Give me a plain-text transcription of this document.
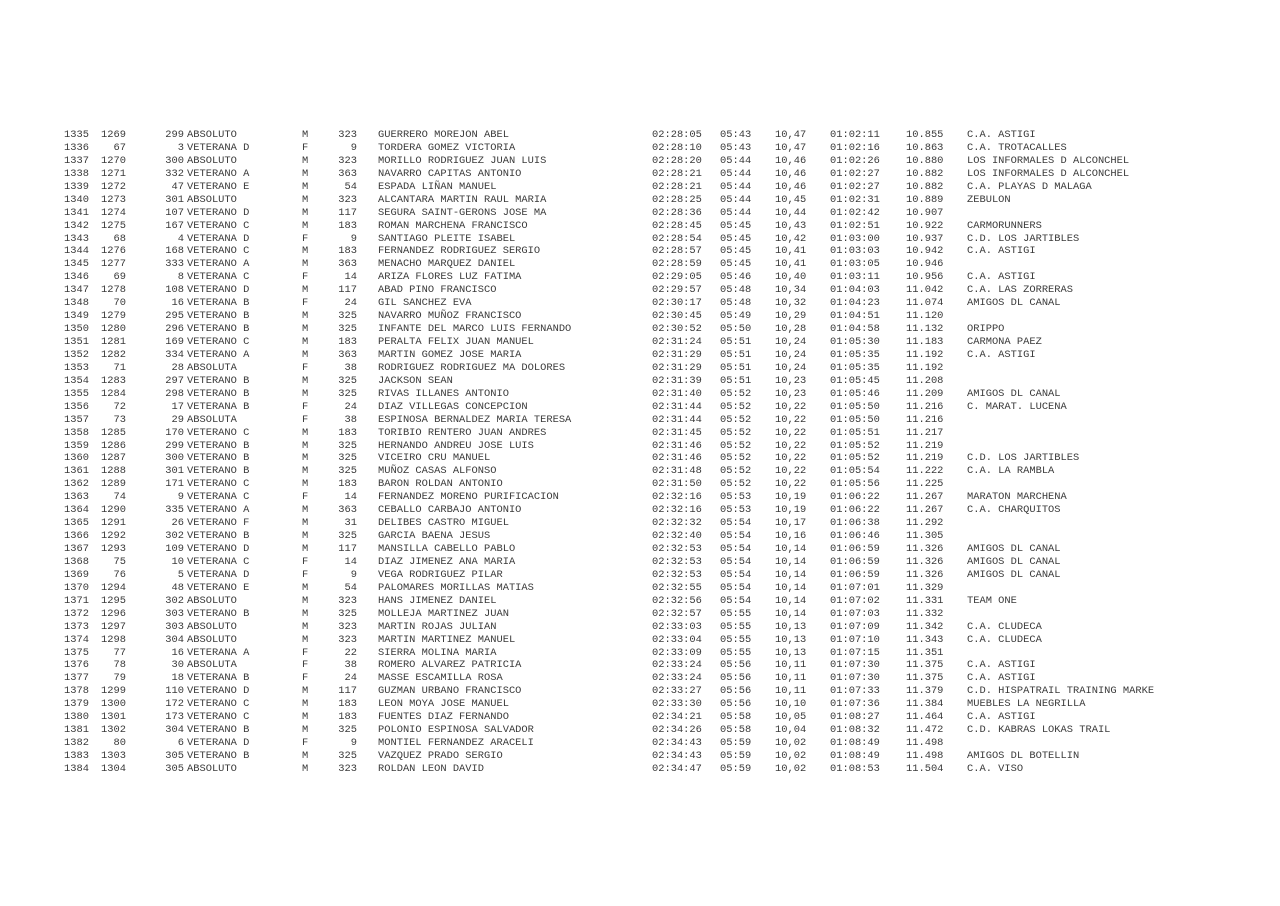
1335 1269	299 ABSOLUTO	M	323 GUERRERO MOREJON ABEL	02:28:05 05:43 10,47 01:02:11	10.855 C.A. ASTIGI
1336 67	3 VETERANA D	F	9 TORDERA GOMEZ VICTORIA	02:28:10 05:43 10,47 01:02:16	10.863 C.A. TROTACALLES
1337 1270	300 ABSOLUTO	M	323 MORILLO RODRIGUEZ JUAN LUIS	02:28:20 05:44 10,46 01:02:26	10.880 LOS INFORMALES D ALCONCHEL
1338 1271	332 VETERANO A	M	363 NAVARRO CAPITAS ANTONIO	02:28:21 05:44 10,46 01:02:27	10.882 LOS INFORMALES D ALCONCHEL
1339 1272	47 VETERANO E	M	54 ESPADA LIÑAN MANUEL	02:28:21 05:44 10,46 01:02:27	10.882 C.A. PLAYAS D MALAGA
1340 1273	301 ABSOLUTO	M	323 ALCANTARA MARTIN RAUL MARIA	02:28:25 05:44 10,45 01:02:31	10.889 ZEBULON
1341 1274	107 VETERANO D	M	117 SEGURA SAINT-GERONS JOSE MA	02:28:36 05:44 10,44 01:02:42	10.907
1342 1275	167 VETERANO C	M	183 ROMAN MARCHENA FRANCISCO	02:28:45 05:45 10,43 01:02:51	10.922 CARMORUNNERS
1343 68	4 VETERANA D	F	9 SANTIAGO PLEITE ISABEL	02:28:54 05:45 10,42 01:03:00	10.937 C.D. LOS JARTIBLES
1344 1276	168 VETERANO C	M	183 FERNANDEZ RODRIGUEZ SERGIO	02:28:57 05:45 10,41 01:03:03	10.942 C.A. ASTIGI
1345 1277	333 VETERANO A	M	363 MENACHO MARQUEZ DANIEL	02:28:59 05:45 10,41 01:03:05	10.946
1346 69	8 VETERANA C	F	14 ARIZA FLORES LUZ FATIMA	02:29:05 05:46 10,40 01:03:11	10.956 C.A. ASTIGI
1347 1278	108 VETERANO D	M	117 ABAD PINO FRANCISCO	02:29:57 05:48 10,34 01:04:03	11.042 C.A. LAS ZORRERAS
1348 70	16 VETERANA B	F	24 GIL SANCHEZ EVA	02:30:17 05:48 10,32 01:04:23	11.074 AMIGOS DL CANAL
1349 1279	295 VETERANO B	M	325 NAVARRO MUÑOZ FRANCISCO	02:30:45 05:49 10,29 01:04:51	11.120
1350 1280	296 VETERANO B	M	325 INFANTE DEL MARCO LUIS FERNANDO	02:30:52 05:50 10,28 01:04:58	11.132 ORIPPO
1351 1281	169 VETERANO C	M	183 PERALTA FELIX JUAN MANUEL	02:31:24 05:51 10,24 01:05:30	11.183 CARMONA PAEZ
1352 1282	334 VETERANO A	M	363 MARTIN GOMEZ JOSE MARIA	02:31:29 05:51 10,24 01:05:35	11.192 C.A. ASTIGI
1353 71	28 ABSOLUTA	F	38 RODRIGUEZ RODRIGUEZ MA DOLORES	02:31:29 05:51 10,24 01:05:35	11.192
1354 1283	297 VETERANO B	M	325 JACKSON SEAN	02:31:39 05:51 10,23 01:05:45	11.208
1355 1284	298 VETERANO B	M	325 RIVAS ILLANES ANTONIO	02:31:40 05:52 10,23 01:05:46	11.209 AMIGOS DL CANAL
1356 72	17 VETERANA B	F	24 DIAZ VILLEGAS CONCEPCION	02:31:44 05:52 10,22 01:05:50	11.216 C. MARAT. LUCENA
1357 73	29 ABSOLUTA	F	38 ESPINOSA BERNALDEZ MARIA TERESA	02:31:44 05:52 10,22 01:05:50	11.216
1358 1285	170 VETERANO C	M	183 TORIBIO RENTERO JUAN ANDRES	02:31:45 05:52 10,22 01:05:51	11.217
1359 1286	299 VETERANO B	M	325 HERNANDO ANDREU JOSE LUIS	02:31:46 05:52 10,22 01:05:52	11.219
1360 1287	300 VETERANO B	M	325 VICEIRO CRU MANUEL	02:31:46 05:52 10,22 01:05:52	11.219 C.D. LOS JARTIBLES
1361 1288	301 VETERANO B	M	325 MUÑOZ CASAS ALFONSO	02:31:48 05:52 10,22 01:05:54	11.222 C.A. LA RAMBLA
1362 1289	171 VETERANO C	M	183 BARON ROLDAN ANTONIO	02:31:50 05:52 10,22 01:05:56	11.225
1363 74	9 VETERANA C	F	14 FERNANDEZ MORENO PURIFICACION	02:32:16 05:53 10,19 01:06:22	11.267 MARATON MARCHENA
1364 1290	335 VETERANO A	M	363 CEBALLO CARBAJO ANTONIO	02:32:16 05:53 10,19 01:06:22	11.267 C.A. CHARQUITOS
1365 1291	26 VETERANO F	M	31 DELIBES CASTRO MIGUEL	02:32:32 05:54 10,17 01:06:38	11.292
1366 1292	302 VETERANO B	M	325 GARCIA BAENA JESUS	02:32:40 05:54 10,16 01:06:46	11.305
1367 1293	109 VETERANO D	M	117 MANSILLA CABELLO PABLO	02:32:53 05:54 10,14 01:06:59	11.326 AMIGOS DL CANAL
1368 75	10 VETERANA C	F	14 DIAZ JIMENEZ ANA MARIA	02:32:53 05:54 10,14 01:06:59	11.326 AMIGOS DL CANAL
1369 76	5 VETERANA D	F	9 VEGA RODRIGUEZ PILAR	02:32:53 05:54 10,14 01:06:59	11.326 AMIGOS DL CANAL
1370 1294	48 VETERANO E	M	54 PALOMARES MORILLAS MATIAS	02:32:55 05:54 10,14 01:07:01	11.329
1371 1295	302 ABSOLUTO	M	323 HANS JIMENEZ DANIEL	02:32:56 05:54 10,14 01:07:02	11.331 TEAM ONE
1372 1296	303 VETERANO B	M	325 MOLLEJA MARTINEZ JUAN	02:32:57 05:55 10,14 01:07:03	11.332
1373 1297	303 ABSOLUTO	M	323 MARTIN ROJAS JULIAN	02:33:03 05:55 10,13 01:07:09	11.342 C.A. CLUDECA
1374 1298	304 ABSOLUTO	M	323 MARTIN MARTINEZ MANUEL	02:33:04 05:55 10,13 01:07:10	11.343 C.A. CLUDECA
1375 77	16 VETERANA A	F	22 SIERRA MOLINA MARIA	02:33:09 05:55 10,13 01:07:15	11.351
1376 78	30 ABSOLUTA	F	38 ROMERO ALVAREZ PATRICIA	02:33:24 05:56 10,11 01:07:30	11.375 C.A. ASTIGI
1377 79	18 VETERANA B	F	24 MASSE ESCAMILLA ROSA	02:33:24 05:56 10,11 01:07:30	11.375 C.A. ASTIGI
1378 1299	110 VETERANO D	M	117 GUZMAN URBANO FRANCISCO	02:33:27 05:56 10,11 01:07:33	11.379 C.D. HISPATRAIL TRAINING MARKE
1379 1300	172 VETERANO C	M	183 LEON MOYA JOSE MANUEL	02:33:30 05:56 10,10 01:07:36	11.384 MUEBLES LA NEGRILLA
1380 1301	173 VETERANO C	M	183 FUENTES DIAZ FERNANDO	02:34:21 05:58 10,05 01:08:27	11.464 C.A. ASTIGI
1381 1302	304 VETERANO B	M	325 POLONIO ESPINOSA SALVADOR	02:34:26 05:58 10,04 01:08:32	11.472 C.D. KABRAS LOKAS TRAIL
1382 80	6 VETERANA D	F	9 MONTIEL FERNANDEZ ARACELI	02:34:43 05:59 10,02 01:08:49	11.498
1383 1303	305 VETERANO B	M	325 VAZQUEZ PRADO SERGIO	02:34:43 05:59 10,02 01:08:49	11.498 AMIGOS DL BOTELLIN
1384 1304	305 ABSOLUTO	M	323 ROLDAN LEON DAVID	02:34:47 05:59 10,02 01:08:53	11.504 C.A. VISO
